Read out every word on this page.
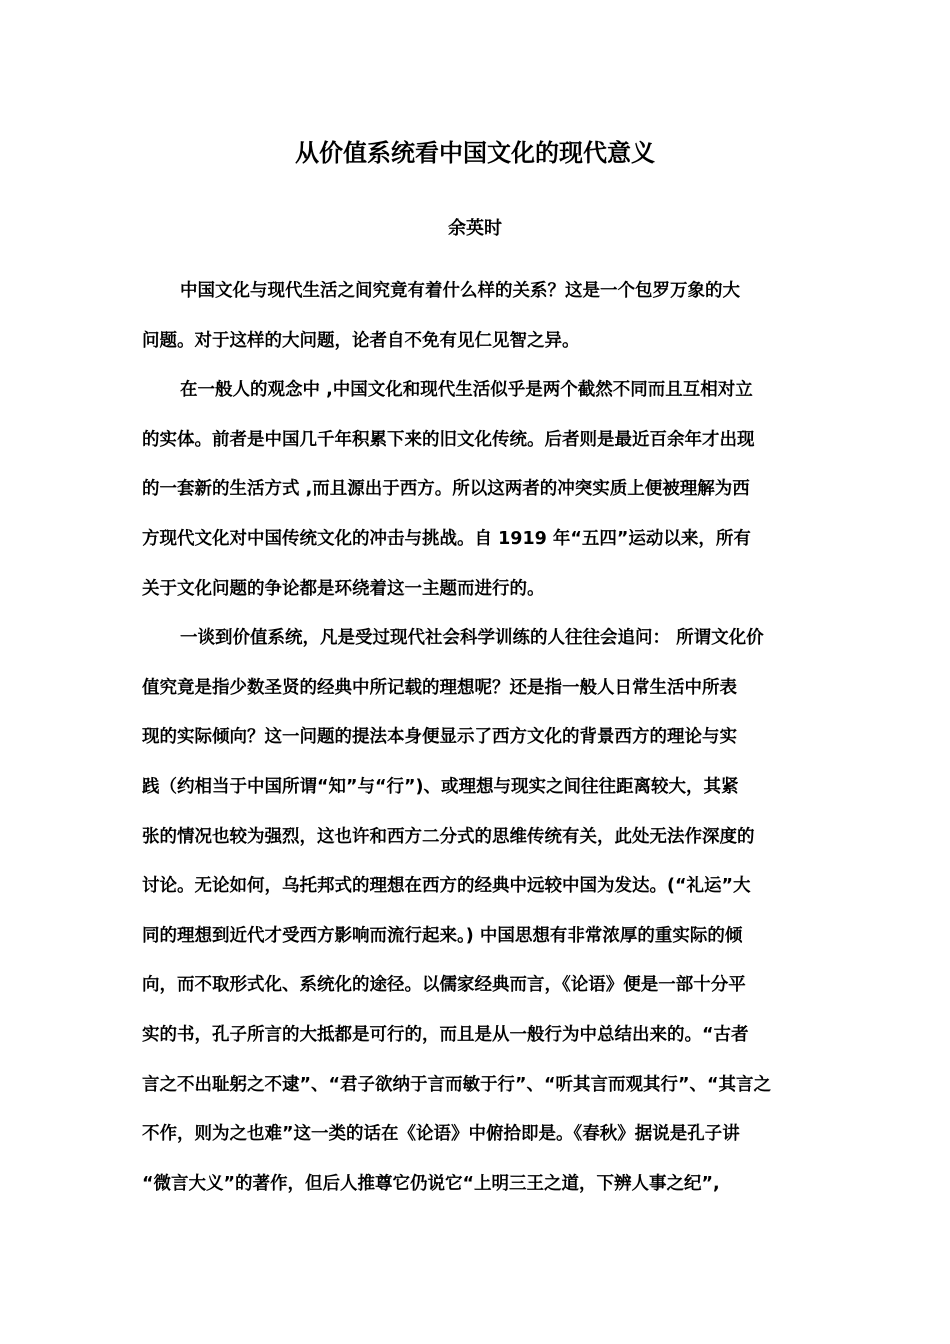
从价值系统看中国文化的现代意义
余英时
中国文化与现代生活之间究竟有着什么样的关系？这是一个包罗万象的大
问题。对于这样的大问题，论者自不免有见仁见智之异。
在一般人的观念中 ,中国文化和现代生活似乎是两个截然不同而且互相对立
的实体。前者是中国几千年积累下来的旧文化传统。后者则是最近百余年才出现
的一套新的生活方式 ,而且源出于西方。所以这两者的冲突实质上便被理解为西
方现代文化对中国传统文化的冲击与挑战。自 1919 年“五四”运动以来，所有
关于文化问题的争论都是环绕着这一主题而进行的。
一谈到价值系统，凡是受过现代社会科学训练的人往往会追问： 所谓文化价
值究竟是指少数圣贤的经典中所记载的理想呢？还是指一般人日常生活中所表
现的实际倾向？这一问题的提法本身便显示了西方文化的背景西方的理论与实
践（约相当于中国所谓“知”与“行”)、或理想与现实之间往往距离较大，其紧
张的情况也较为强烈，这也许和西方二分式的思维传统有关，此处无法作深度的
讨论。无论如何，乌托邦式的理想在西方的经典中远较中国为发达。(“礼运”大
同的理想到近代才受西方影响而流行起来。) 中国思想有非常浓厚的重实际的倾
向，而不取形式化、系统化的途径。以儒家经典而言，《论语》便是一部十分平
实的书，孔子所言的大抵都是可行的，而且是从一般行为中总结出来的。“古者
言之不出耻躬之不逮”、“君子欲纳于言而敏于行”、“听其言而观其行”、“其言之
不作，则为之也难”这一类的话在《论语》中俯拾即是。《春秋》据说是孔子讲
“微言大义”的著作，但后人推尊它仍说它“上明三王之道，下辨人事之纪”,
